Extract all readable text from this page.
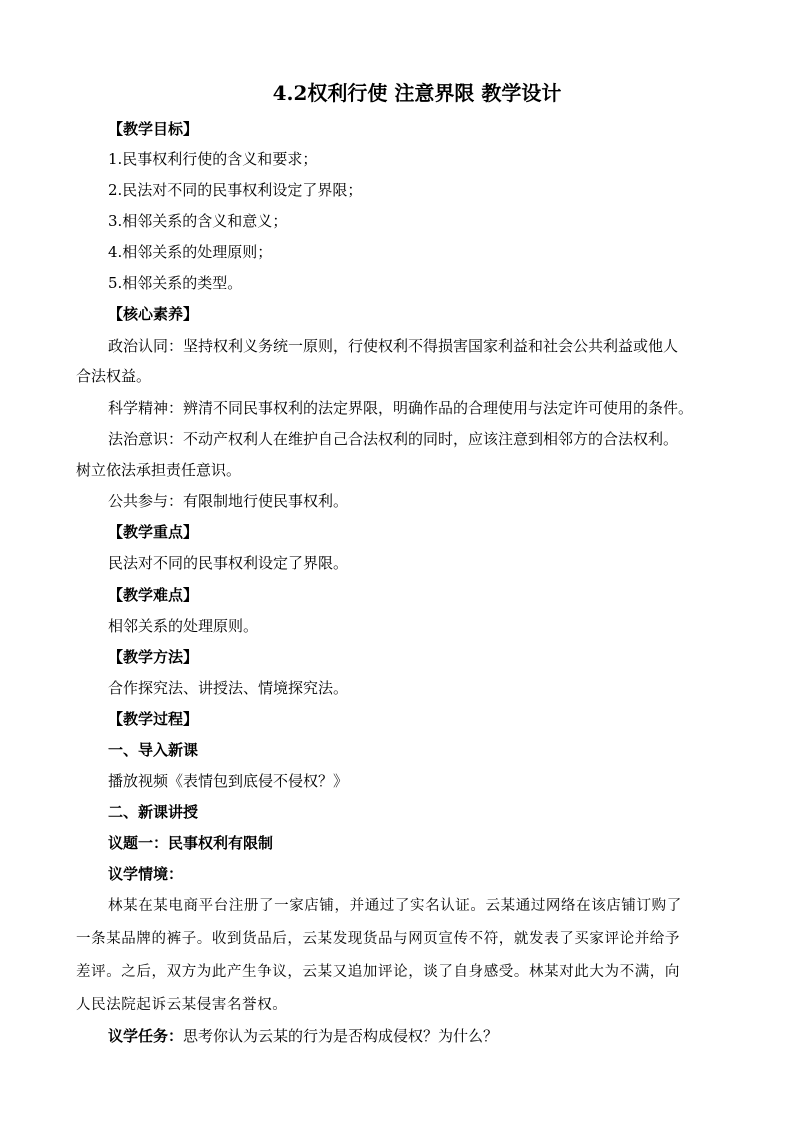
4.2权利行使 注意界限 教学设计
【教学目标】
1.民事权利行使的含义和要求；
2.民法对不同的民事权利设定了界限；
3.相邻关系的含义和意义；
4.相邻关系的处理原则；
5.相邻关系的类型。
【核心素养】
政治认同：坚持权利义务统一原则，行使权利不得损害国家利益和社会公共利益或他人
合法权益。
科学精神：辨清不同民事权利的法定界限，明确作品的合理使用与法定许可使用的条件。
法治意识：不动产权利人在维护自己合法权利的同时，应该注意到相邻方的合法权利。
树立依法承担责任意识。
公共参与：有限制地行使民事权利。
【教学重点】
民法对不同的民事权利设定了界限。
【教学难点】
相邻关系的处理原则。
【教学方法】
合作探究法、讲授法、情境探究法。
【教学过程】
一、导入新课
播放视频《表情包到底侵不侵权？》
二、新课讲授
议题一：民事权利有限制
议学情境：
林某在某电商平台注册了一家店铺，并通过了实名认证。云某通过网络在该店铺订购了
一条某品牌的裤子。收到货品后，云某发现货品与网页宣传不符，就发表了买家评论并给予
差评。之后，双方为此产生争议，云某又追加评论，谈了自身感受。林某对此大为不满，向
人民法院起诉云某侵害名誉权。
议学任务：思考你认为云某的行为是否构成侵权？为什么？
